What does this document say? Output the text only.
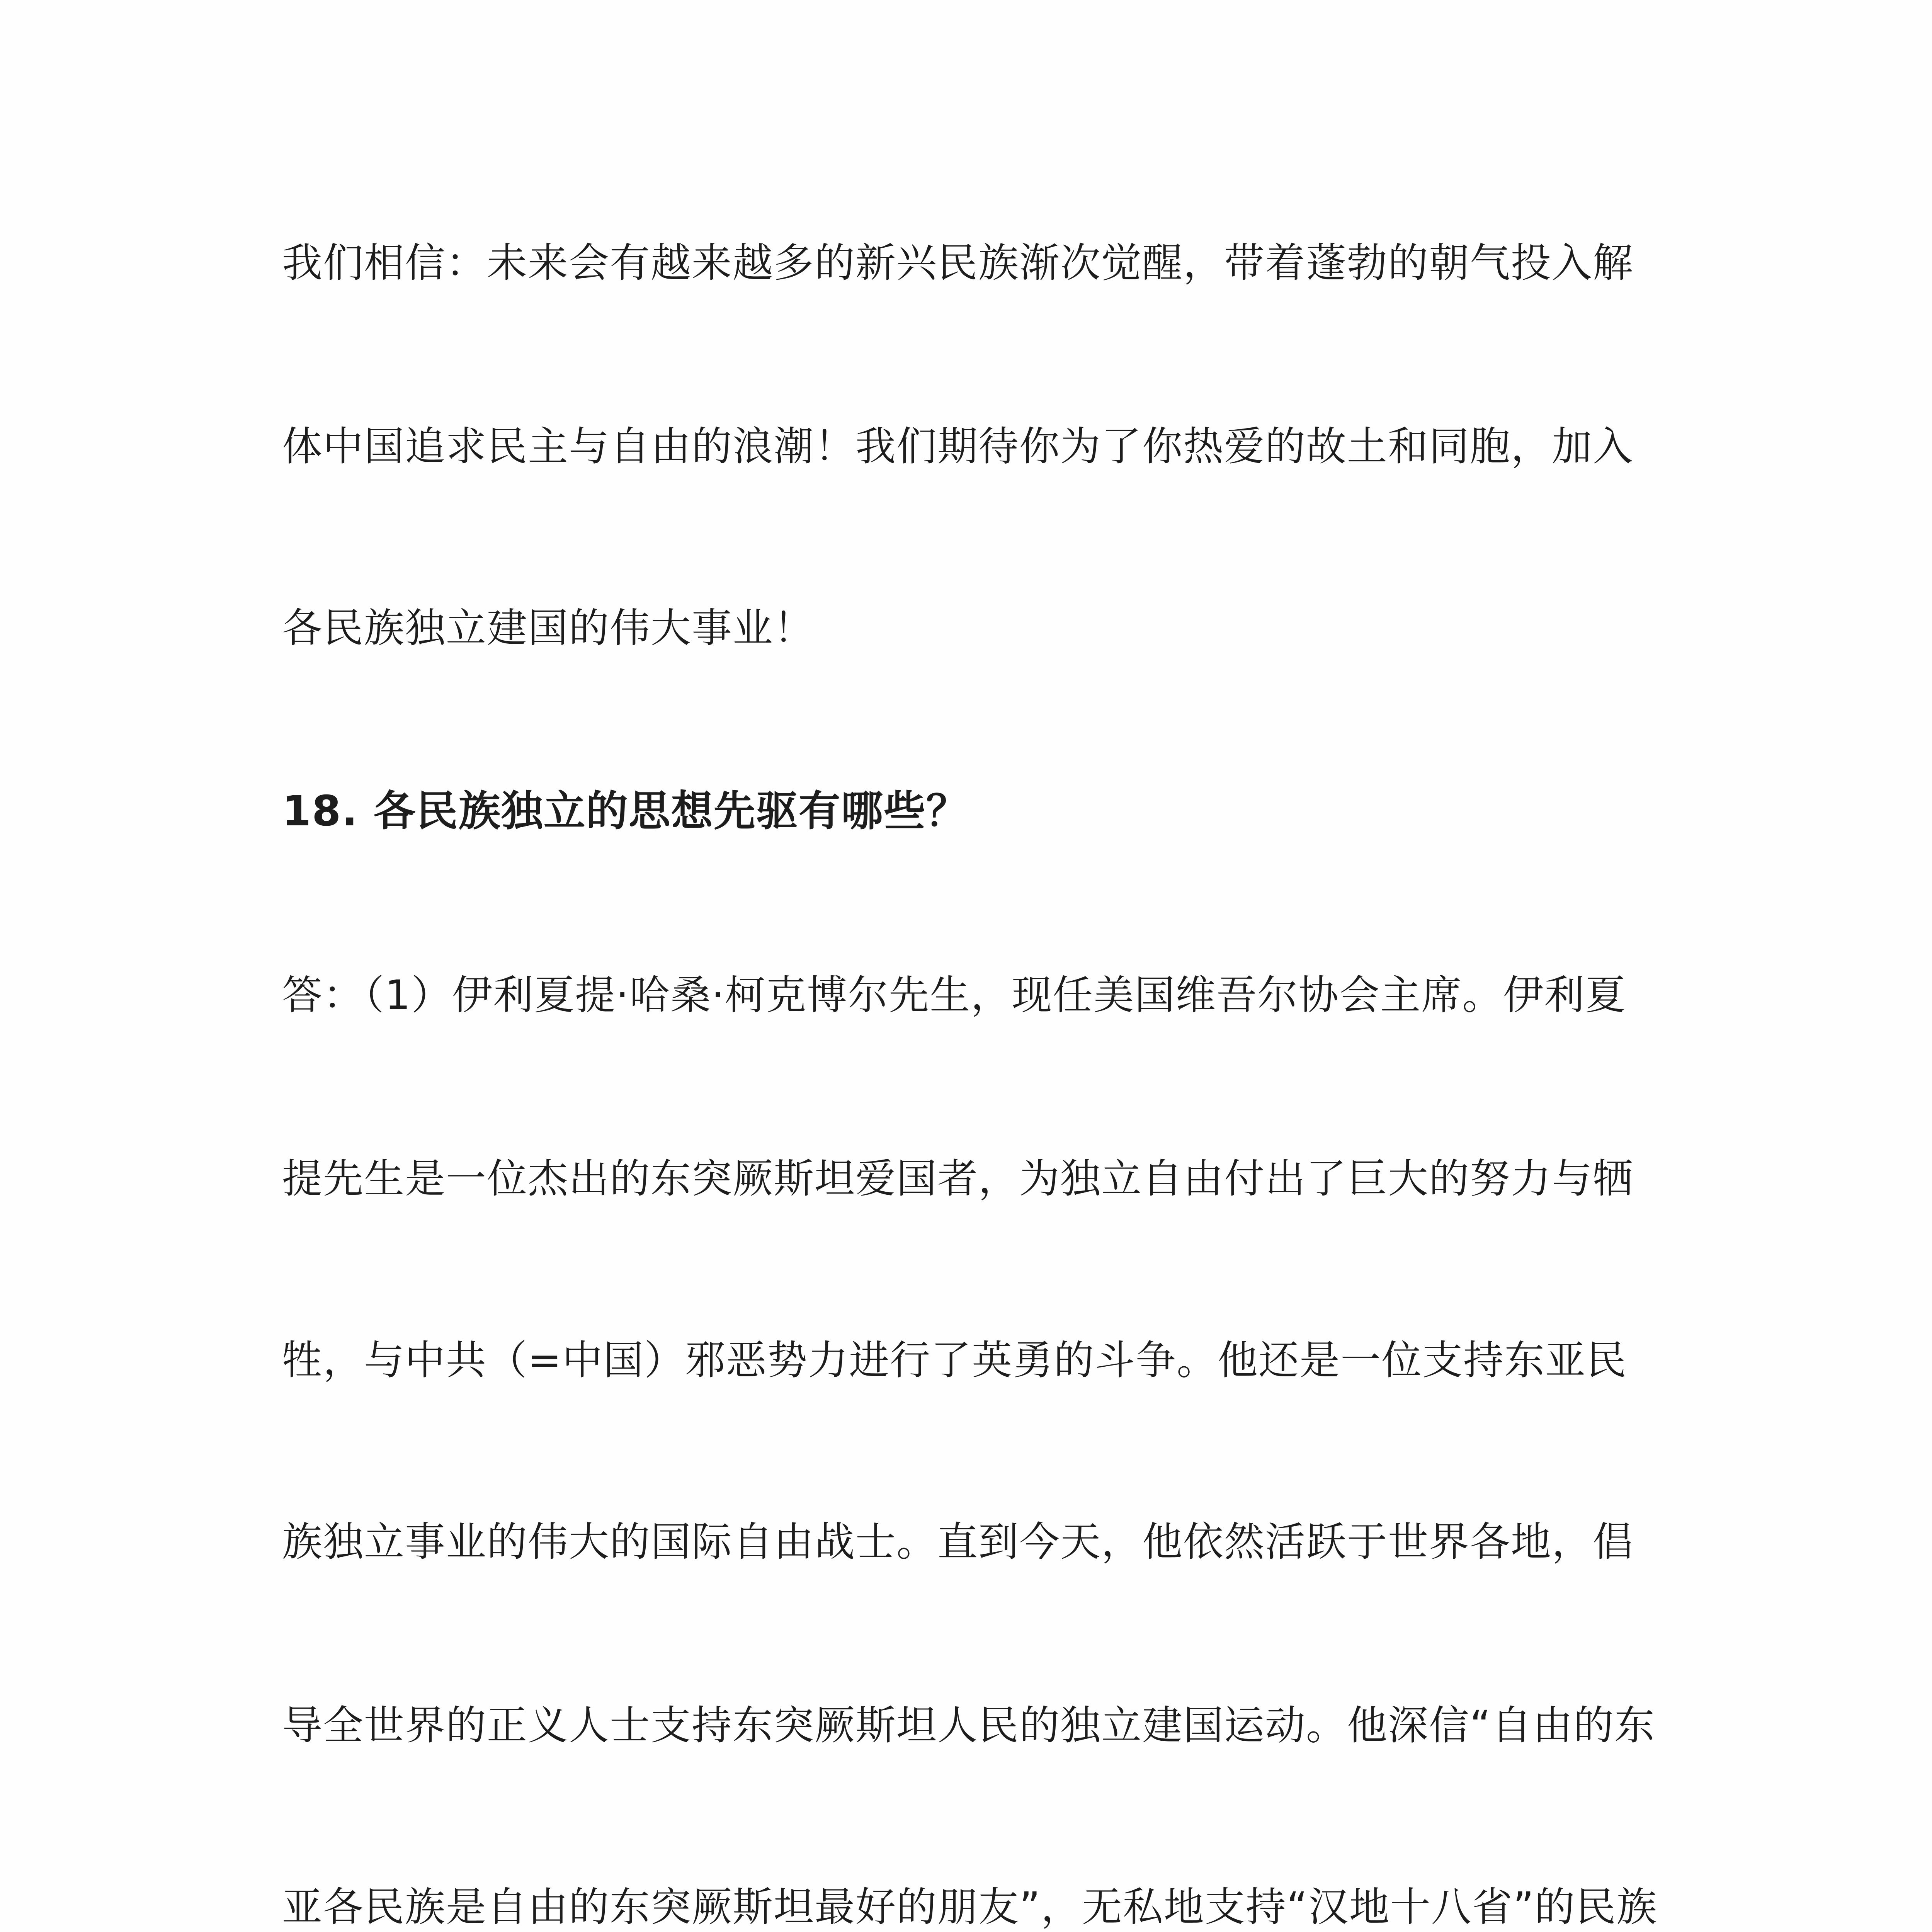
我们相信：未来会有越来越多的新兴民族渐次觉醒，带着蓬勃的朝气投入解
体中国追求民主与自由的浪潮！我们期待你为了你热爱的故土和同胞，加入
各民族独立建国的伟大事业！
18. 各民族独立的思想先驱有哪些？
答：（1）伊利夏提·哈桑·柯克博尔先生，现任美国维吾尔协会主席。伊利夏
提先生是一位杰出的东突厥斯坦爱国者，为独立自由付出了巨大的努力与牺
牲，与中共（=中国）邪恶势力进行了英勇的斗争。他还是一位支持东亚民
族独立事业的伟大的国际自由战士。直到今天，他依然活跃于世界各地，倡
导全世界的正义人士支持东突厥斯坦人民的独立建国运动。他深信“自由的东
亚各民族是自由的东突厥斯坦最好的朋友”，无私地支持“汉地十八省”的民族
